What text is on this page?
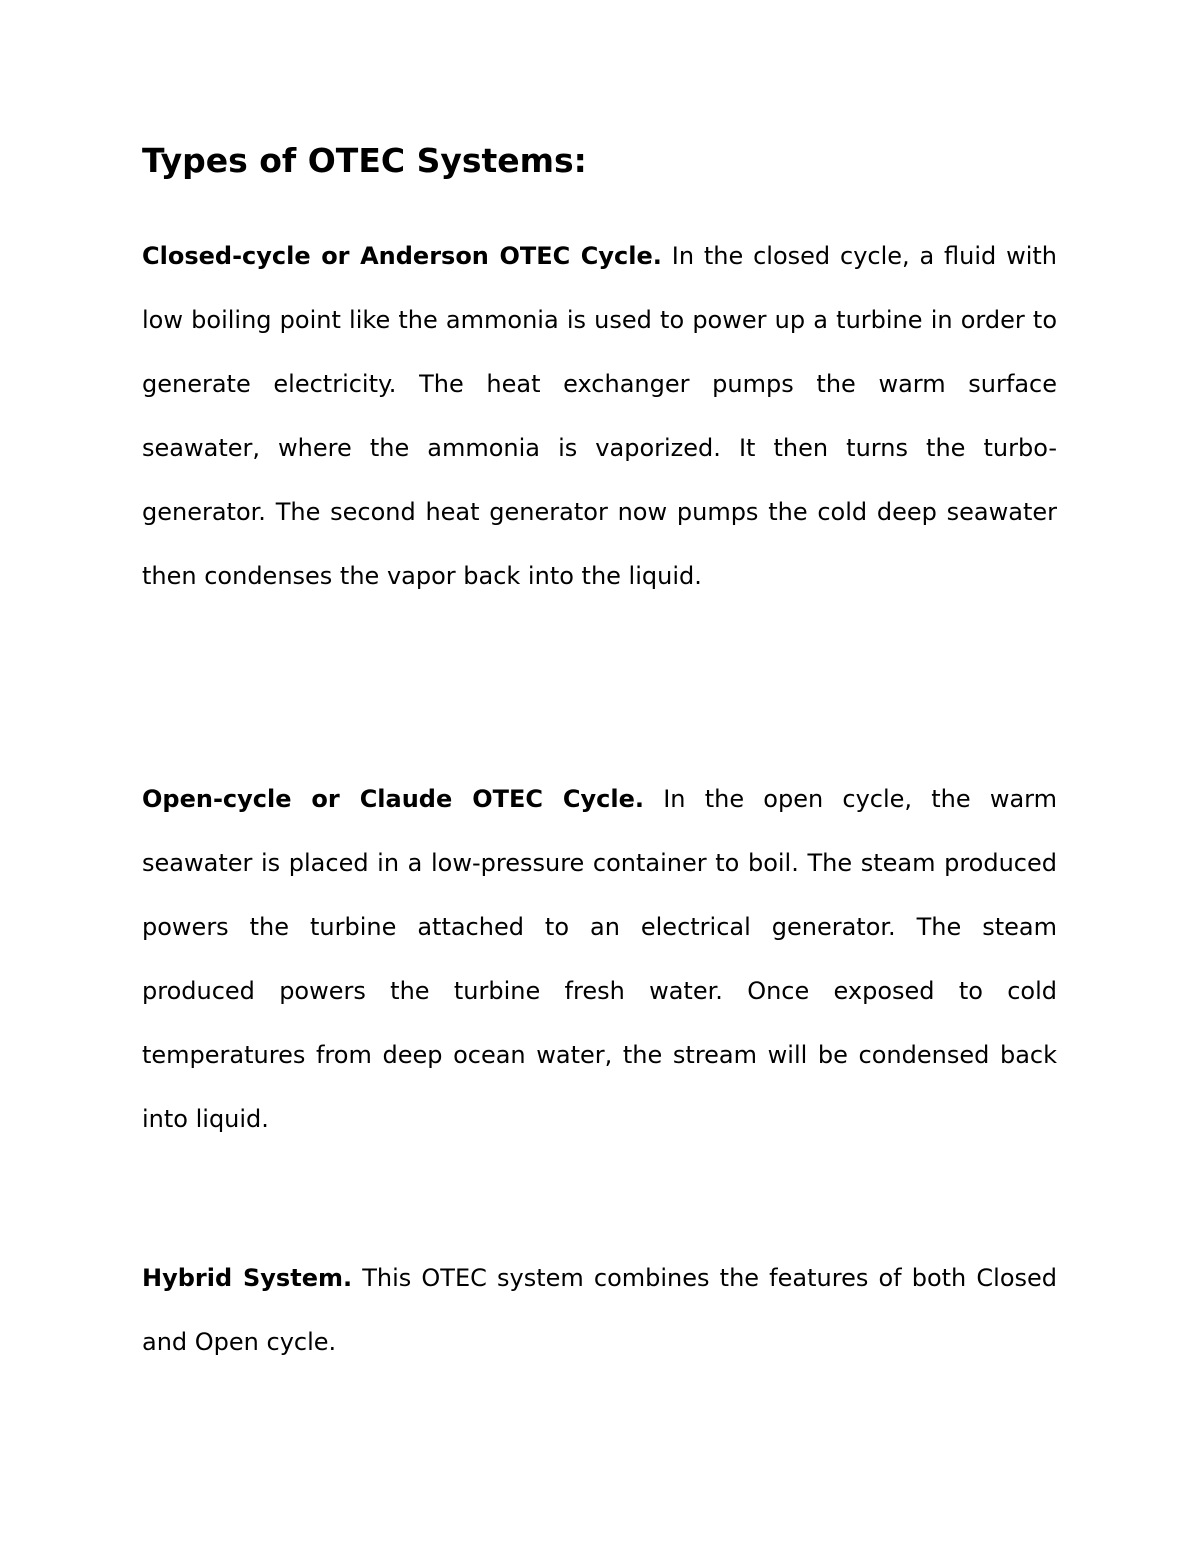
Types of OTEC Systems:

Closed-cycle or Anderson OTEC Cycle. In the closed cycle, a fluid with low boiling point like the ammonia is used to power up a turbine in order to generate electricity. The heat exchanger pumps the warm surface seawater, where the ammonia is vaporized. It then turns the turbo-generator. The second heat generator now pumps the cold deep seawater then condenses the vapor back into the liquid.

Open-cycle or Claude OTEC Cycle. In the open cycle, the warm seawater is placed in a low-pressure container to boil. The steam produced powers the turbine attached to an electrical generator. The steam produced powers the turbine fresh water. Once exposed to cold temperatures from deep ocean water, the stream will be condensed back into liquid.

Hybrid System. This OTEC system combines the features of both Closed and Open cycle.
